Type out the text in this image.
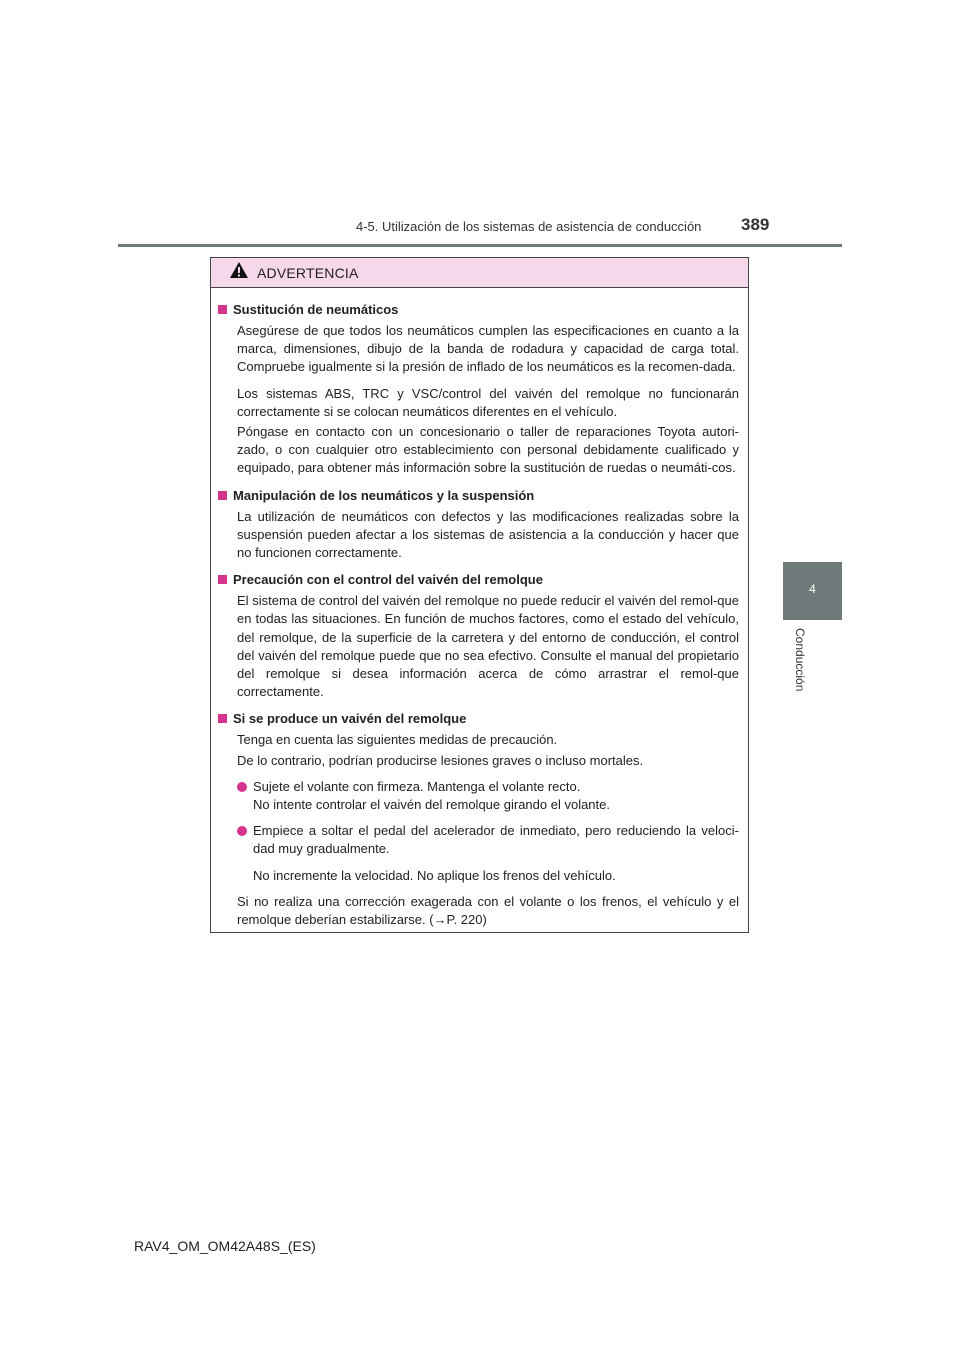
4-5. Utilización de los sistemas de asistencia de conducción 389
4
Conducción
ADVERTENCIA
Sustitución de neumáticos

Asegúrese de que todos los neumáticos cumplen las especificaciones en cuanto a la marca, dimensiones, dibujo de la banda de rodadura y capacidad de carga total. Compruebe igualmente si la presión de inflado de los neumáticos es la recomen-dada.

Los sistemas ABS, TRC y VSC/control del vaivén del remolque no funcionarán correctamente si se colocan neumáticos diferentes en el vehículo.

Póngase en contacto con un concesionario o taller de reparaciones Toyota autori-zado, o con cualquier otro establecimiento con personal debidamente cualificado y equipado, para obtener más información sobre la sustitución de ruedas o neumáti-cos.

Manipulación de los neumáticos y la suspensión

La utilización de neumáticos con defectos y las modificaciones realizadas sobre la suspensión pueden afectar a los sistemas de asistencia a la conducción y hacer que no funcionen correctamente.

Precaución con el control del vaivén del remolque

El sistema de control del vaivén del remolque no puede reducir el vaivén del remol-que en todas las situaciones. En función de muchos factores, como el estado del vehículo, del remolque, de la superficie de la carretera y del entorno de conducción, el control del vaivén del remolque puede que no sea efectivo. Consulte el manual del propietario del remolque si desea información acerca de cómo arrastrar el remol-que correctamente.

Si se produce un vaivén del remolque

Tenga en cuenta las siguientes medidas de precaución.

De lo contrario, podrían producirse lesiones graves o incluso mortales.

Sujete el volante con firmeza. Mantenga el volante recto.
No intente controlar el vaivén del remolque girando el volante.
Empiece a soltar el pedal del acelerador de inmediato, pero reduciendo la veloci-dad muy gradualmente.

No incremente la velocidad. No aplique los frenos del vehículo.

Si no realiza una corrección exagerada con el volante o los frenos, el vehículo y el remolque deberían estabilizarse. (→P. 220)

RAV4_OM_OM42A48S_(ES)
